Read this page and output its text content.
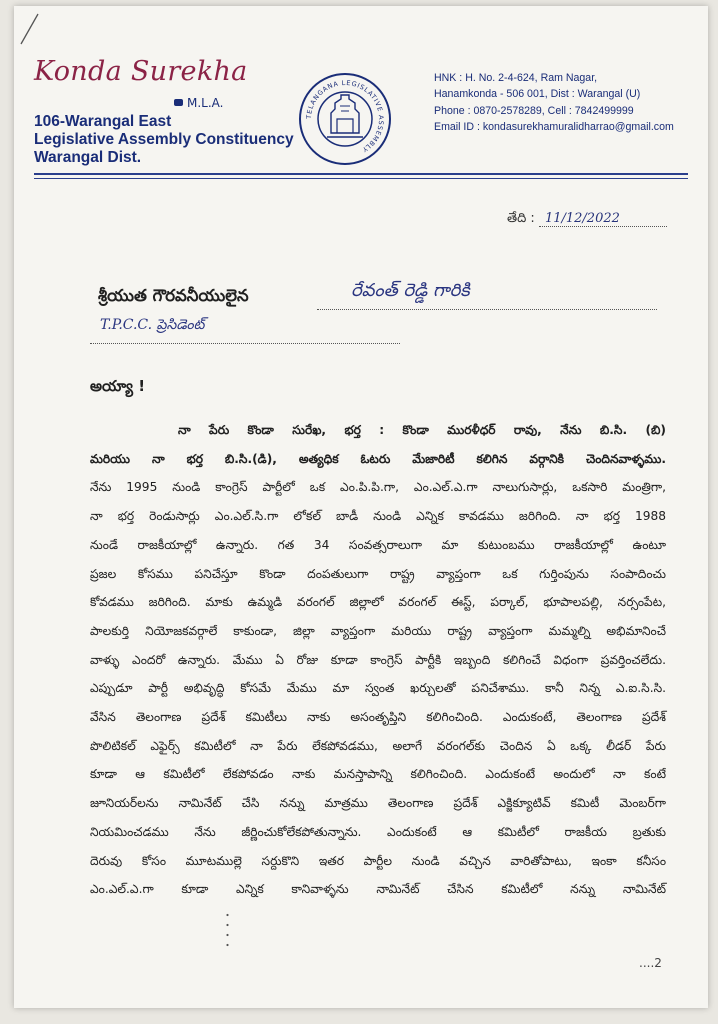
Konda Surekha
M.L.A.
106-Warangal East
Legislative Assembly Constituency
Warangal Dist.
TELANGANA LEGISLATIVE ASSEMBLY
HNK : H. No. 2-4-624, Ram Nagar,
Hanamkonda - 506 001, Dist : Warangal (U)
Phone : 0870-2578289, Cell : 7842499999
Email ID : kondasurekhamuralidharrao@gmail.com
తేది : 11/12/2022
శ్రీయుత గౌరవనీయులైన	రేవంత్ రెడ్డి గారికి
T.P.C.C. ప్రెసిడెంట్
అయ్యా !
నా పేరు కొండా సురేఖ, భర్త : కొండా మురళీధర్ రావు, నేను బి.సి. (బి)
మరియు నా భర్త బి.సి.(డి), అత్యధిక ఓటరు మేజారిటీ కలిగిన వర్గానికి చెందినవాళ్ళము.
నేను 1995 నుండి కాంగ్రెస్ పార్టీలో ఒక ఎం.పి.పి.గా, ఎం.ఎల్.ఎ.గా నాలుగుసార్లు, ఒకసారి మంత్రిగా,
నా భర్త రెండుసార్లు ఎం.ఎల్.సి.గా లోకల్ బాడీ నుండి ఎన్నిక కావడము జరిగింది. నా భర్త 1988
నుండే రాజకీయాల్లో ఉన్నారు. గత 34 సంవత్సరాలుగా మా కుటుంబము రాజకీయాల్లో ఉంటూ
ప్రజల కోసము పనిచేస్తూ కొండా దంపతులుగా రాష్ట్ర వ్యాప్తంగా ఒక గుర్తింపును సంపాదించు
కోవడము జరిగింది. మాకు ఉమ్మడి వరంగల్ జిల్లాలో వరంగల్ ఈస్ట్, పర్కాల్, భూపాలపల్లి, నర్సంపేట,
పాలకుర్తి నియోజకవర్గాలే కాకుండా, జిల్లా వ్యాప్తంగా మరియు రాష్ట్ర వ్యాప్తంగా మమ్మల్ని అభిమానించే
వాళ్ళు ఎందరో ఉన్నారు. మేము ఏ రోజు కూడా కాంగ్రెస్ పార్టీకి ఇబ్బంది కలిగించే విధంగా ప్రవర్తించలేదు.
ఎప్పుడూ పార్టీ అభివృద్ధి కోసమే మేము మా స్వంత ఖర్చులతో పనిచేశాము. కానీ నిన్న ఎ.ఐ.సి.సి.
వేసిన తెలంగాణ ప్రదేశ్ కమిటీలు నాకు అసంతృప్తిని కలిగించింది. ఎందుకంటే, తెలంగాణ ప్రదేశ్
పొలిటికల్ ఎఫైర్స్ కమిటీలో నా పేరు లేకపోవడము, అలాగే వరంగల్‌కు చెందిన ఏ ఒక్క లీడర్ పేరు
కూడా ఆ కమిటీలో లేకపోవడం నాకు మనస్తాపాన్ని కలిగించింది. ఎందుకంటే అందులో నా కంటే
జూనియర్‌లను నామినేట్ చేసి నన్ను మాత్రము తెలంగాణ ప్రదేశ్ ఎక్జిక్యూటివ్ కమిటీ మెంబర్‌గా
నియమించడము నేను జీర్ణించుకోలేకపోతున్నాను. ఎందుకంటే ఆ కమిటీలో రాజకీయ బ్రతుకు
దెరువు కోసం మూటముల్లె సర్దుకొని ఇతర పార్టీల నుండి వచ్చిన వారితోపాటు, ఇంకా కనీసం
ఎం.ఎల్.ఎ.గా కూడా ఎన్నిక కానివాళ్ళను నామినేట్ చేసిన కమిటీలో నన్ను నామినేట్
....2
